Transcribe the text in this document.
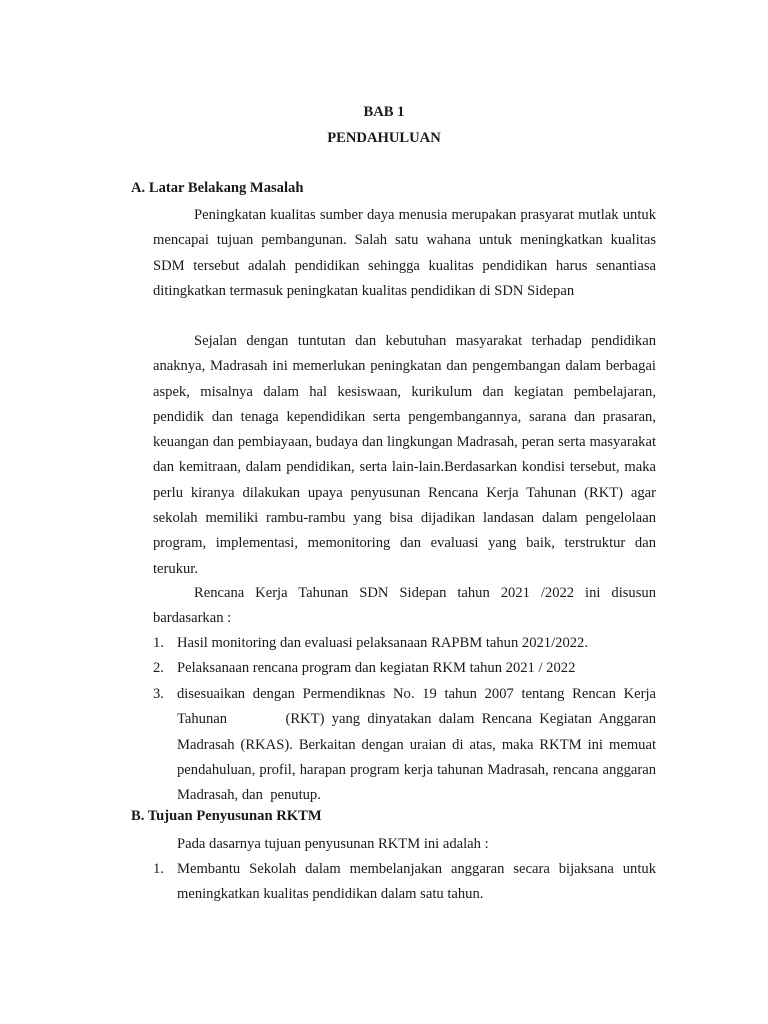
BAB 1
PENDAHULUAN
A. Latar Belakang Masalah

Peningkatan kualitas sumber daya menusia merupakan prasyarat mutlak untuk mencapai tujuan pembangunan. Salah satu wahana untuk meningkatkan kualitas SDM tersebut adalah pendidikan sehingga kualitas pendidikan harus senantiasa ditingkatkan termasuk peningkatan kualitas pendidikan di SDN Sidepan

Sejalan dengan tuntutan dan kebutuhan masyarakat terhadap pendidikan anaknya, Madrasah ini memerlukan peningkatan dan pengembangan dalam berbagai aspek, misalnya dalam hal kesiswaan, kurikulum dan kegiatan pembelajaran, pendidik dan tenaga kependidikan serta pengembangannya, sarana dan prasaran, keuangan dan pembiayaan, budaya dan lingkungan Madrasah, peran serta masyarakat dan kemitraan, dalam pendidikan, serta lain-lain.Berdasarkan kondisi tersebut, maka perlu kiranya dilakukan upaya penyusunan Rencana Kerja Tahunan (RKT) agar sekolah memiliki rambu-rambu yang bisa dijadikan landasan dalam pengelolaan program, implementasi, memonitoring dan evaluasi yang baik, terstruktur dan terukur.

Rencana Kerja Tahunan SDN Sidepan tahun 2021 /2022 ini disusun bardasarkan :

1. Hasil monitoring dan evaluasi pelaksanaan RAPBM tahun 2021/2022.
2. Pelaksanaan rencana program dan kegiatan RKM tahun 2021 / 2022
3. disesuaikan dengan Permendiknas No. 19 tahun 2007 tentang Rencan Kerja Tahunan        (RKT) yang dinyatakan dalam Rencana Kegiatan Anggaran Madrasah (RKAS). Berkaitan dengan uraian di atas, maka RKTM ini memuat pendahuluan, profil, harapan program kerja tahunan Madrasah, rencana anggaran Madrasah, dan  penutup.
B. Tujuan Penyusunan RKTM

Pada dasarnya tujuan penyusunan RKTM ini adalah :

1. Membantu Sekolah dalam membelanjakan anggaran secara bijaksana untuk meningkatkan kualitas pendidikan dalam satu tahun.
